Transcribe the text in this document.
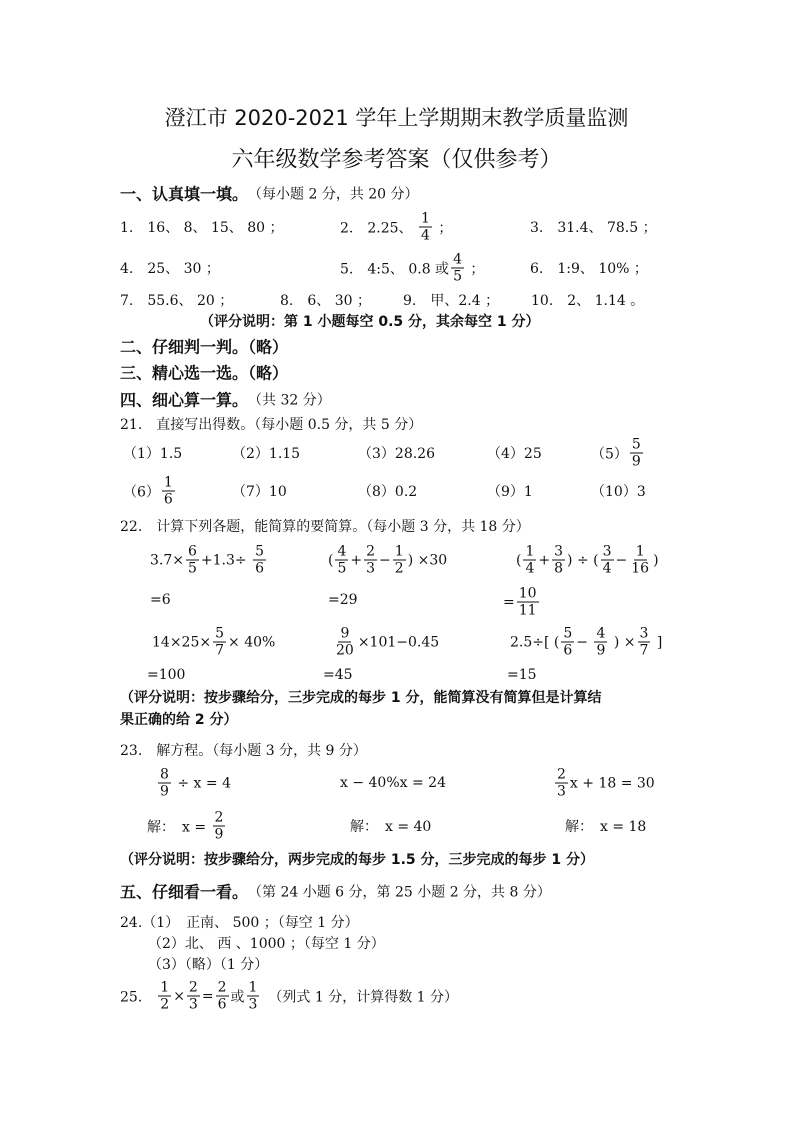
澄江市 2020-2021 学年上学期期末教学质量监测
六年级数学参考答案（仅供参考）
一、认真填一填。 （每小题 2 分，共 20 分）
1.　16、 8、 15、 80 ；	2.　2.25、 $\frac{1}{4}$ ；	3.　31.4、 78.5 ；
4.　25、 30 ；	5.　4:5、 0.8 或 $\frac{4}{5}$ ；	6.　1:9、 10% ；
7.　55.6、 20 ；	8.　6、 30 ； 9.　甲、2.4 ； 10.　2、 1.14 。
（评分说明：第 1 小题每空 0.5 分，其余每空 1 分）
二、仔细判一判。（略）
三、精心选一选。（略）
四、细心算一算。 （共 32 分）
21.　直接写出得数。（每小题 0.5 分，共 5 分）
（1）1.5	（2）1.15	（3）28.26	（4）25	$(5) \frac{5}{9}$
$(6) \frac{1}{6}$	（7）10	（8）0.2	（9）1	（10）3
22.　计算下列各题，能简算的要简算。（每小题 3 分，共 18 分）
$3.7\times \frac{6}{5} +1.3\div \frac{5}{6}$	( $\frac{4}{5} + \frac{2}{3} - \frac{1}{2}$ ) ×30	( $\frac{1}{4} + \frac{3}{8}$ ) ÷ ( $\frac{3}{4} - \frac{1}{16}$ )
=6	=29	= $\frac{10}{11}$
$14\times 25\times \frac{5}{7} \times 40\%$	$\frac{9}{20} \times 101-0.45$	2.5÷[ ( $\frac{5}{6} - \frac{4}{9}$ ) × $\frac{3}{7}$ ]
=100	=45	=15
（评分说明：按步骤给分，三步完成的每步 1 分，能简算没有简算但是计算结
果正确的给 2 分）
23.　解方程。（每小题 3 分，共 9 分）
$\frac{8}{9} \div x = 4$	x − 40%x = 24	$\frac{2}{3}$ x + 18 = 30
解：　$x = \frac{2}{9}$	解：　x = 40	解：　x = 18
（评分说明：按步骤给分，两步完成的每步 1.5 分，三步完成的每步 1 分）
五、仔细看一看。 （第 24 小题 6 分，第 25 小题 2 分，共 8 分）
24.（1）　正南、 500 ；（每空 1 分）
（2）北、 西 、1000 ；（每空 1 分）
（3）（略）（1 分）
25.　 $\frac{1}{2} \times \frac{2}{3} = \frac{2}{6}$ 或 $\frac{1}{3}$ 　（列式 1 分，计算得数 1 分）
